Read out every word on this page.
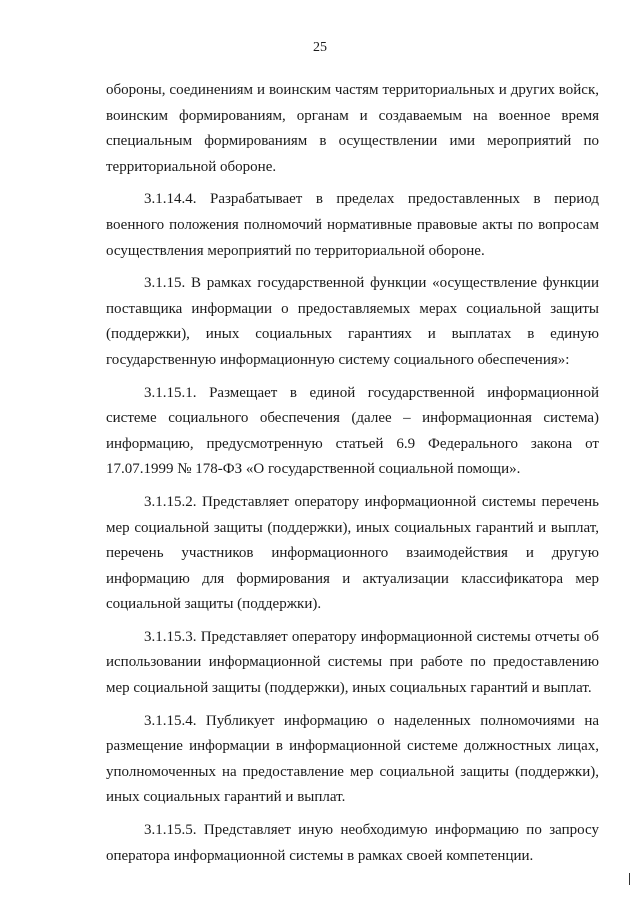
25

обороны, соединениям и воинским частям территориальных и других войск, воинским формированиям, органам и создаваемым на военное время специальным формированиям в осуществлении ими мероприятий по территориальной обороне.

3.1.14.4. Разрабатывает в пределах предоставленных в период военного положения полномочий нормативные правовые акты по вопросам осуществления мероприятий по территориальной обороне.

3.1.15. В рамках государственной функции «осуществление функции поставщика информации о предоставляемых мерах социальной защиты (поддержки), иных социальных гарантиях и выплатах в единую государственную информационную систему социального обеспечения»:

3.1.15.1. Размещает в единой государственной информационной системе социального обеспечения (далее – информационная система) информацию, предусмотренную статьей 6.9 Федерального закона от 17.07.1999 № 178-ФЗ «О государственной социальной помощи».

3.1.15.2. Представляет оператору информационной системы перечень мер социальной защиты (поддержки), иных социальных гарантий и выплат, перечень участников информационного взаимодействия и другую информацию для формирования и актуализации классификатора мер социальной защиты (поддержки).

3.1.15.3. Представляет оператору информационной системы отчеты об использовании информационной системы при работе по предоставлению мер социальной защиты (поддержки), иных социальных гарантий и выплат.

3.1.15.4. Публикует информацию о наделенных полномочиями на размещение информации в информационной системе должностных лицах, уполномоченных на предоставление мер социальной защиты (поддержки), иных социальных гарантий и выплат.

3.1.15.5. Представляет иную необходимую информацию по запросу оператора информационной системы в рамках своей компетенции.
